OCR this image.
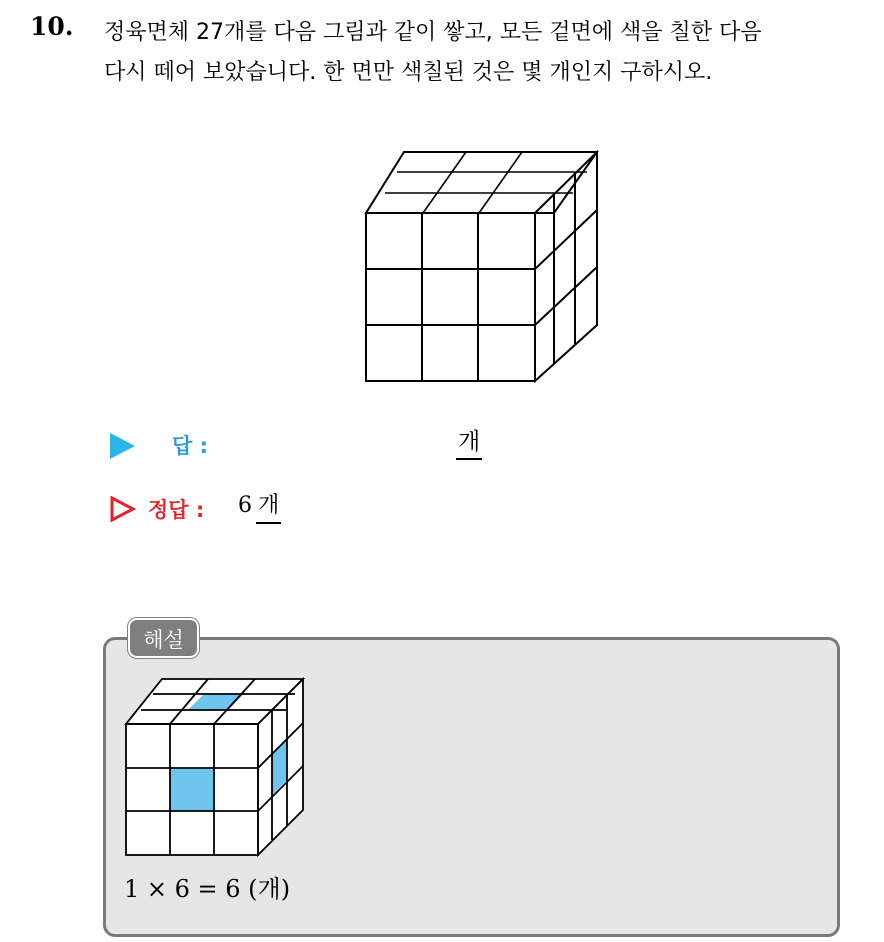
10. 정육면체 27개를 다음 그림과 같이 쌓고, 모든 겉면에 색을 칠한 다음
다시 떼어 보았습니다. 한 면만 색칠된 것은 몇 개인지 구하시오.
답 :	개
정답 : 6 개
해설
1 × 6 = 6 (개)
